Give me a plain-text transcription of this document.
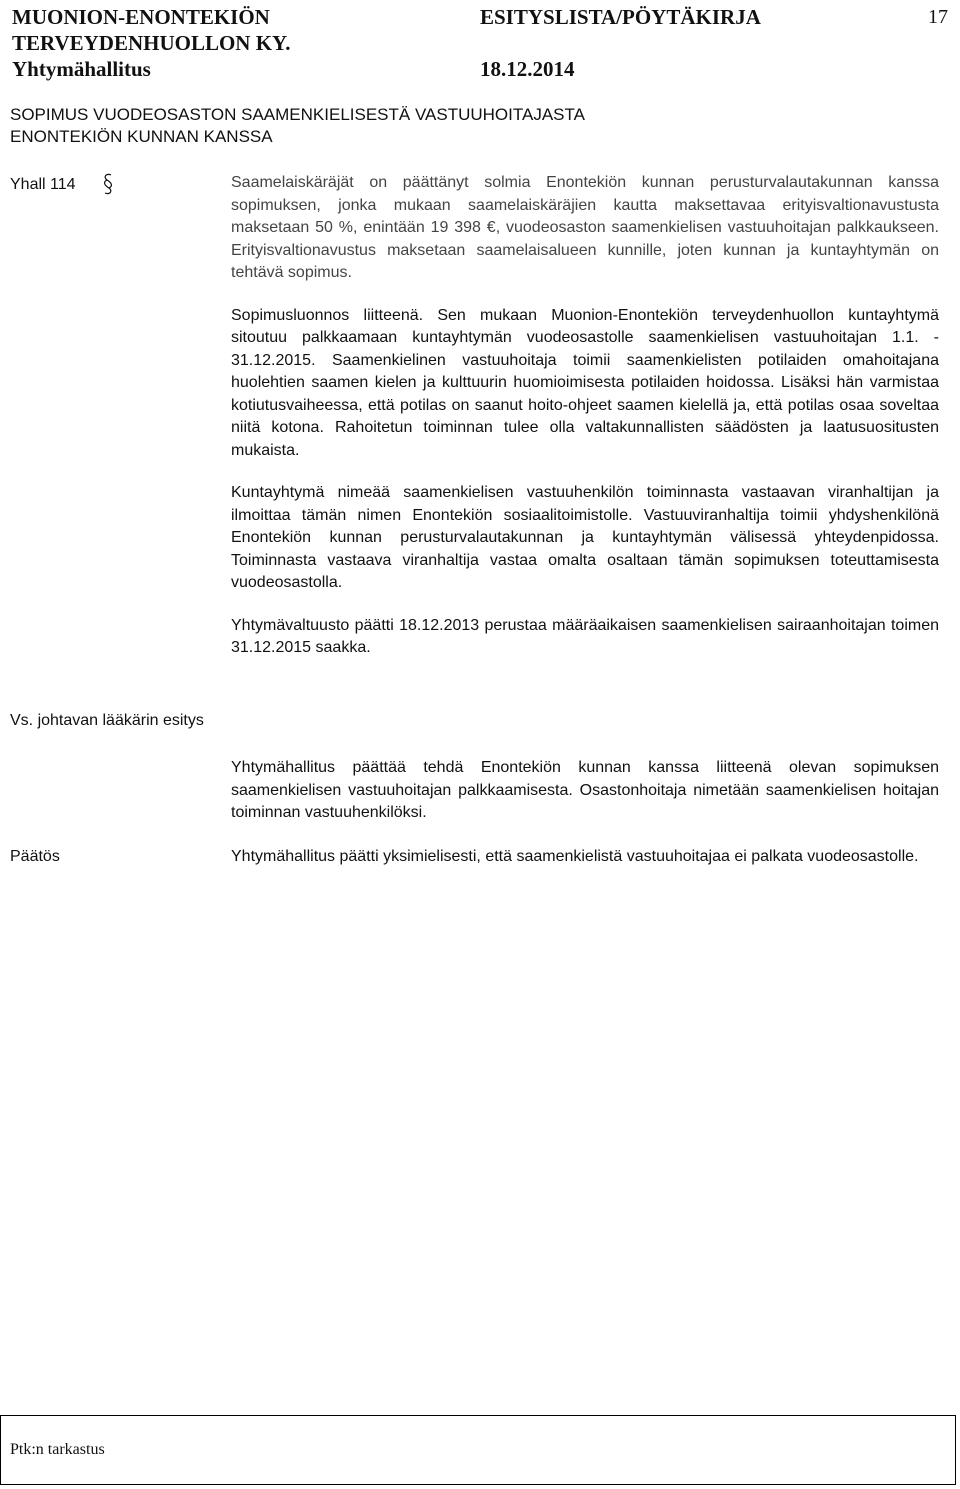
MUONION-ENONTEKIÖN	ESITYSLISTA/PÖYTÄKIRJA
TERVEYDENHUOLLON KY.
Yhtymähallitus	18.12.2014
17
SOPIMUS VUODEOSASTON SAAMENKIELISESTÄ VASTUUHOITAJASTA
ENONTEKIÖN KUNNAN KANSSA
Yhall 114	Saamelaiskäräjät on päättänyt solmia Enontekiön kunnan perusturvalautakunnan kanssa sopimuksen, jonka mukaan saamelaiskäräjien kautta maksettavaa erityisvaltionavustusta maksetaan 50 %, enintään 19 398 €, vuodeosaston saamenkielisen vastuuhoitajan palkkaukseen. Erityisvaltionavustus maksetaan saamelaisalueen kunnille, joten kunnan ja kuntayhtymän on tehtävä sopimus.

Sopimusluonnos liitteenä. Sen mukaan Muonion-Enontekiön terveydenhuollon kuntayhtymä sitoutuu palkkaamaan kuntayhtymän vuodeosastolle saamenkielisen vastuuhoitajan 1.1. - 31.12.2015. Saamenkielinen vastuuhoitaja toimii saamenkielisten potilaiden omahoitajana huolehtien saamen kielen ja kulttuurin huomioimisesta potilaiden hoidossa. Lisäksi hän varmistaa kotiutusvaiheessa, että potilas on saanut hoito-ohjeet saamen kielellä ja, että potilas osaa soveltaa niitä kotona. Rahoitetun toiminnan tulee olla valtakunnallisten säädösten ja laatusuositusten mukaista.

Kuntayhtymä nimeää saamenkielisen vastuuhenkilön toiminnasta vastaavan viranhaltijan ja ilmoittaa tämän nimen Enontekiön sosiaalitoimistolle. Vastuuviranhaltija toimii yhdyshenkilönä Enontekiön kunnan perusturvalautakunnan ja kuntayhtymän välisessä yhteydenpidossa. Toiminnasta vastaava viranhaltija vastaa omalta osaltaan tämän sopimuksen toteuttamisesta vuodeosastolla.

Yhtymävaltuusto päätti 18.12.2013 perustaa määräaikaisen saamenkielisen sairaanhoitajan toimen 31.12.2015 saakka.

Vs. johtavan lääkärin esitys
Yhtymähallitus päättää tehdä Enontekiön kunnan kanssa liitteenä olevan sopimuksen saamenkielisen vastuuhoitajan palkkaamisesta. Osastonhoitaja nimetään saamenkielisen hoitajan toiminnan vastuuhenkilöksi.
Päätös	Yhtymähallitus päätti yksimielisesti, että saamenkielistä vastuuhoitajaa ei palkata vuodeosastolle.
Ptk:n tarkastus
